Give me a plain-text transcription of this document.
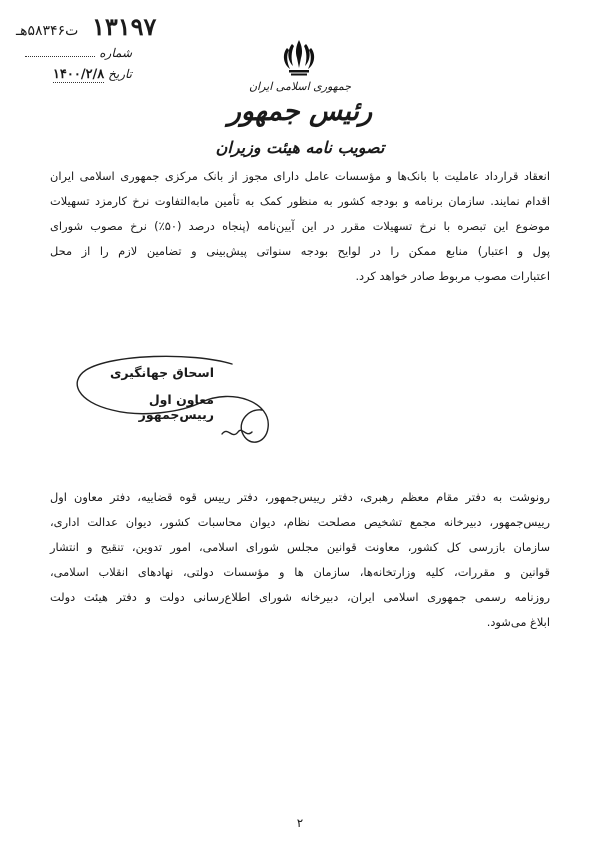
۱۳۱۹۷ ت۵۸۳۴۶هـ
شماره
تاریخ ۱۴۰۰/۲/۸
جمهوری اسلامی ایران
رئیس جمهور
تصویب نامه هیئت وزیران
انعقاد قرارداد عاملیت با بانک‌ها و مؤسسات عامل دارای مجوز از بانک مرکزی جمهوری اسلامی ایران
اقدام نمایند. سازمان برنامه و بودجه کشور به منظور کمک به تأمین مابه‌التفاوت نرخ کارمزد تسهیلات
موضوع این تبصره با نرخ تسهیلات مقرر در این آیین‌نامه (پنجاه درصد (۵۰٪) نرخ مصوب شورای
پول و اعتبار) منابع ممکن را در لوایح بودجه سنواتی پیش‌بینی و تضامین لازم را از محل
اعتبارات مصوب مربوط صادر خواهد کرد.
اسحاق جهانگیری
معاون اول رییس‌جمهور
رونوشت به دفتر مقام معظم رهبری، دفتر رییس‌جمهور، دفتر رییس قوه قضاییه، دفتر معاون اول
رییس‌جمهور، دبیرخانه مجمع تشخیص مصلحت نظام، دیوان محاسبات کشور، دیوان عدالت اداری،
سازمان بازرسی کل کشور، معاونت قوانین مجلس شورای اسلامی، امور تدوین، تنقیح و انتشار
قوانین و مقررات، کلیه وزارتخانه‌ها، سازمان ها و مؤسسات دولتی، نهادهای انقلاب اسلامی،
روزنامه رسمی جمهوری اسلامی ایران، دبیرخانه شورای اطلاع‌رسانی دولت و دفتر هیئت دولت
ابلاغ می‌شود.
۲
